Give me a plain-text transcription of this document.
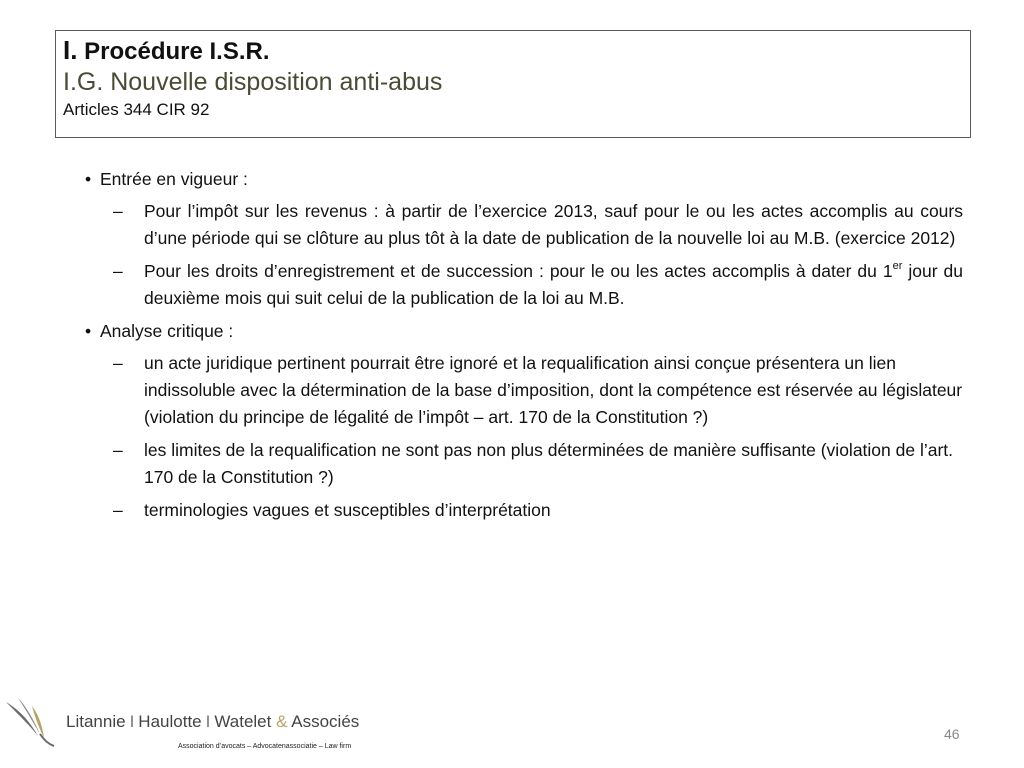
I. Procédure I.S.R.
I.G. Nouvelle disposition anti-abus
Articles 344 CIR 92
• Entrée en vigueur :
– Pour l’impôt sur les revenus : à partir de l’exercice 2013, sauf pour le ou les actes accomplis au cours d’une période qui se clôture au plus tôt à la date de publication de la nouvelle loi au M.B. (exercice 2012)
– Pour les droits d’enregistrement et de succession : pour le ou les actes accomplis à dater du 1er jour du deuxième mois qui suit celui de la publication de la loi au M.B.
• Analyse critique :
– un acte juridique pertinent pourrait être ignoré et la requalification ainsi conçue présentera un lien indissoluble avec la détermination de la base d’imposition, dont la compétence est réservée au législateur (violation du principe de légalité de l’impôt – art. 170 de la Constitution ?)
– les limites de la requalification ne sont pas non plus déterminées de manière suffisante (violation de l’art. 170 de la Constitution ?)
– terminologies vagues et susceptibles d’interprétation
Litannie I Haulotte I Watelet & Associés
Association d’avocats – Advocatenassociatie – Law firm
46
